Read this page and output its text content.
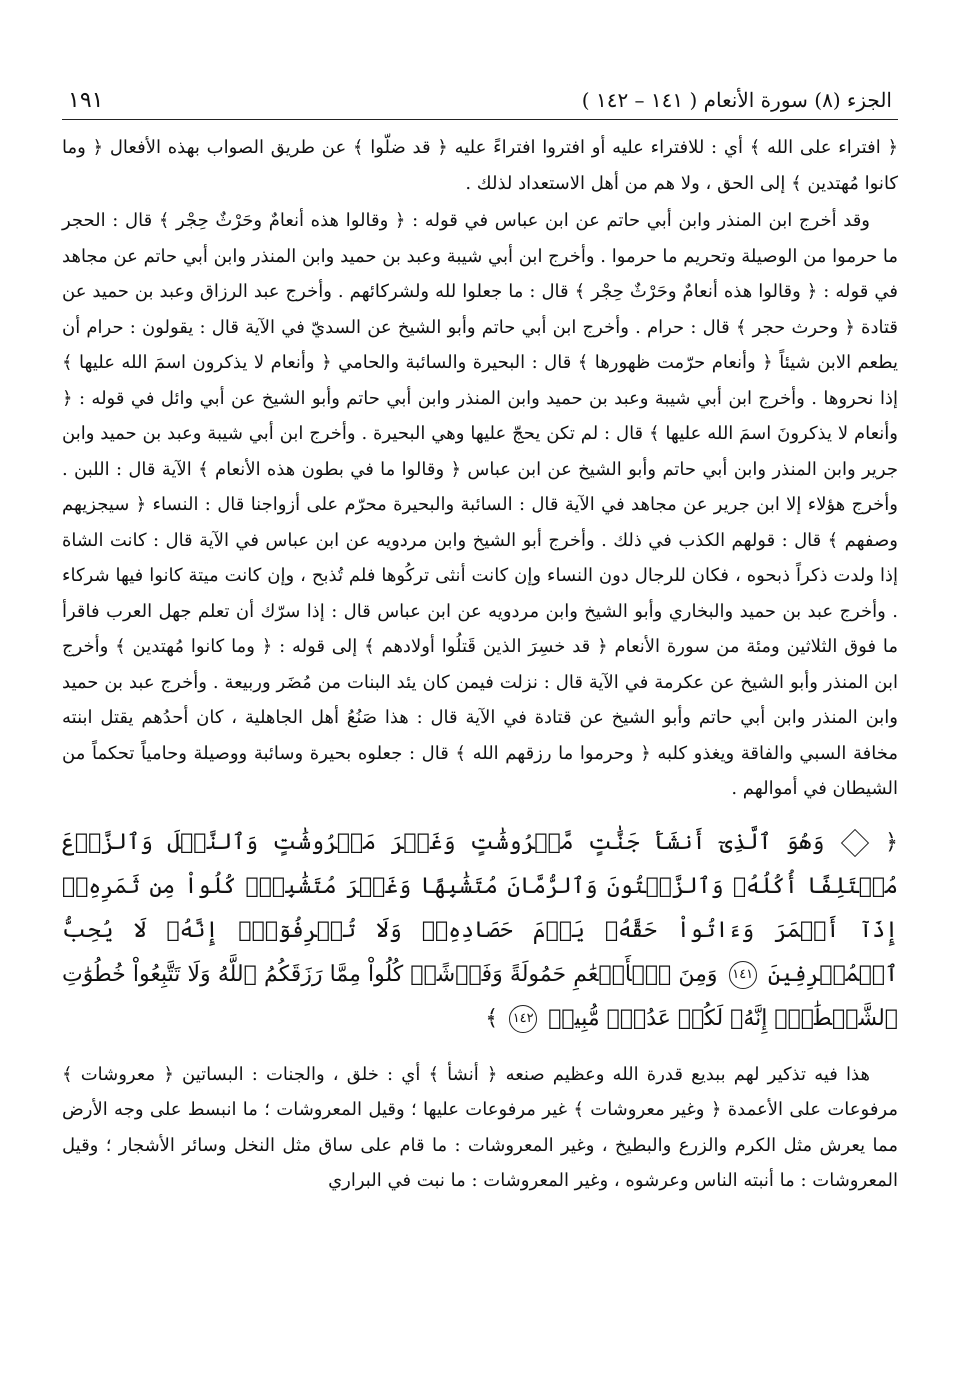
الجزء (٨) سورة الأنعام ( ١٤١ – ١٤٢ )
١٩١

﴿ افتراء على الله ﴾ أي : للافتراء عليه أو افتروا افتراءً عليه ﴿ قد ضلّوا ﴾ عن طريق الصواب بهذه الأفعال ﴿ وما كانوا مُهتدين ﴾ إلى الحق ، ولا هم من أهل الاستعداد لذلك .

وقد أخرج ابن المنذر وابن أبي حاتم عن ابن عباس في قوله : ﴿ وقالوا هذه أنعامٌ وحَرْثٌ حِجْر ﴾ قال : الحجر ما حرموا من الوصيلة وتحريم ما حرموا . وأخرج ابن أبي شيبة وعبد بن حميد وابن المنذر وابن أبي حاتم عن مجاهد في قوله : ﴿ وقالوا هذه أنعامٌ وحَرْثٌ حِجْر ﴾ قال : ما جعلوا لله ولشركائهم . وأخرج عبد الرزاق وعبد بن حميد عن قتادة ﴿ وحرث حجر ﴾ قال : حرام . وأخرج ابن أبي حاتم وأبو الشيخ عن السديّ في الآية قال : يقولون : حرام أن يطعم الابن شيئاً ﴿ وأنعام حرّمت ظهورها ﴾ قال : البحيرة والسائبة والحامي ﴿ وأنعام لا يذكرون اسمَ الله عليها ﴾ إذا نحروها . وأخرج ابن أبي شيبة وعبد بن حميد وابن المنذر وابن أبي حاتم وأبو الشيخ عن أبي وائل في قوله : ﴿ وأنعام لا يذكرونَ اسمَ الله عليها ﴾ قال : لم تكن يحجّ عليها وهي البحيرة . وأخرج ابن أبي شيبة وعبد بن حميد وابن جرير وابن المنذر وابن أبي حاتم وأبو الشيخ عن ابن عباس ﴿ وقالوا ما في بطون هذه الأنعام ﴾ الآية قال : اللبن . وأخرج هؤلاء إلا ابن جرير عن مجاهد في الآية قال : السائبة والبحيرة محرّم على أزواجنا قال : النساء ﴿ سيجزيهم وصفهم ﴾ قال : قولهم الكذب في ذلك . وأخرج أبو الشيخ وابن مردويه عن ابن عباس في الآية قال : كانت الشاة إذا ولدت ذكراً ذبحوه ، فكان للرجال دون النساء وإن كانت أنثى تركُوها فلم تُذبح ، وإن كانت ميتة كانوا فيها شركاء . وأخرج عبد بن حميد والبخاري وأبو الشيخ وابن مردويه عن ابن عباس قال : إذا سرّك أن تعلم جهل العرب فاقرأ ما فوق الثلاثين ومئة من سورة الأنعام ﴿ قد خسِرَ الذين قَتلُوا أولادهم ﴾ إلى قوله : ﴿ وما كانوا مُهتدين ﴾ وأخرج ابن المنذر وأبو الشيخ عن عكرمة في الآية قال : نزلت فيمن كان يئد البنات من مُضَر وربيعة . وأخرج عبد بن حميد وابن المنذر وابن أبي حاتم وأبو الشيخ عن قتادة في الآية قال : هذا صَنُعُ أهل الجاهلية ، كان أحدُهم يقتل ابنته مخافة السبي والفاقة ويغذو كلبه ﴿ وحرموا ما رزقهم الله ﴾ قال : جعلوه بحيرة وسائبة ووصيلة وحامياً تحكماً من الشيطان في أموالهم .

﴿  وَهُوَ ٱلَّذِىٓ أَنشَأَ جَنَّٰتٍ مَّعۡرُوشَٰتٍ وَغَيۡرَ مَعۡرُوشَٰتٍ وَٱلنَّخۡلَ وَٱلزَّرۡعَ مُخۡتَلِفًا أُكُلُهُۥ وَٱلزَّيۡتُونَ وَٱلرُّمَّانَ مُتَشَٰبِهًا وَغَيۡرَ مُتَشَٰبِهٍۚ كُلُواْ مِن ثَمَرِهِۦٓ إِذَآ أَثۡمَرَ وَءَاتُواْ حَقَّهُۥ يَوۡمَ حَصَادِهِۦۖ وَلَا تُسۡرِفُوٓاْۚ إِنَّهُۥ لَا يُحِبُّ ٱلۡمُسۡرِفِينَ ١٤١ وَمِنَ ٱلۡأَنۡعَٰمِ حَمُولَةً وَفَرۡشًاۚ كُلُواْ مِمَّا رَزَقَكُمُ ٱللَّهُ وَلَا تَتَّبِعُواْ خُطُوَٰتِ ٱلشَّيۡطَٰنِۚ إِنَّهُۥ لَكُمۡ عَدُوّٞ مُّبِينٞ ١٤٢ ﴾

هذا فيه تذكير لهم ببديع قدرة الله وعظيم صنعه ﴿ أنشأ ﴾ أي : خلق ، والجنات : البساتين ﴿ معروشات ﴾ مرفوعات على الأعمدة ﴿ وغير معروشات ﴾ غير مرفوعات عليها ؛ وقيل المعروشات ؛ ما انبسط على وجه الأرض مما يعرش مثل الكرم والزرع والبطيخ ، وغير المعروشات : ما قام على ساق مثل النخل وسائر الأشجار ؛ وقيل المعروشات : ما أنبته الناس وعرشوه ، وغير المعروشات : ما نبت في البراري
